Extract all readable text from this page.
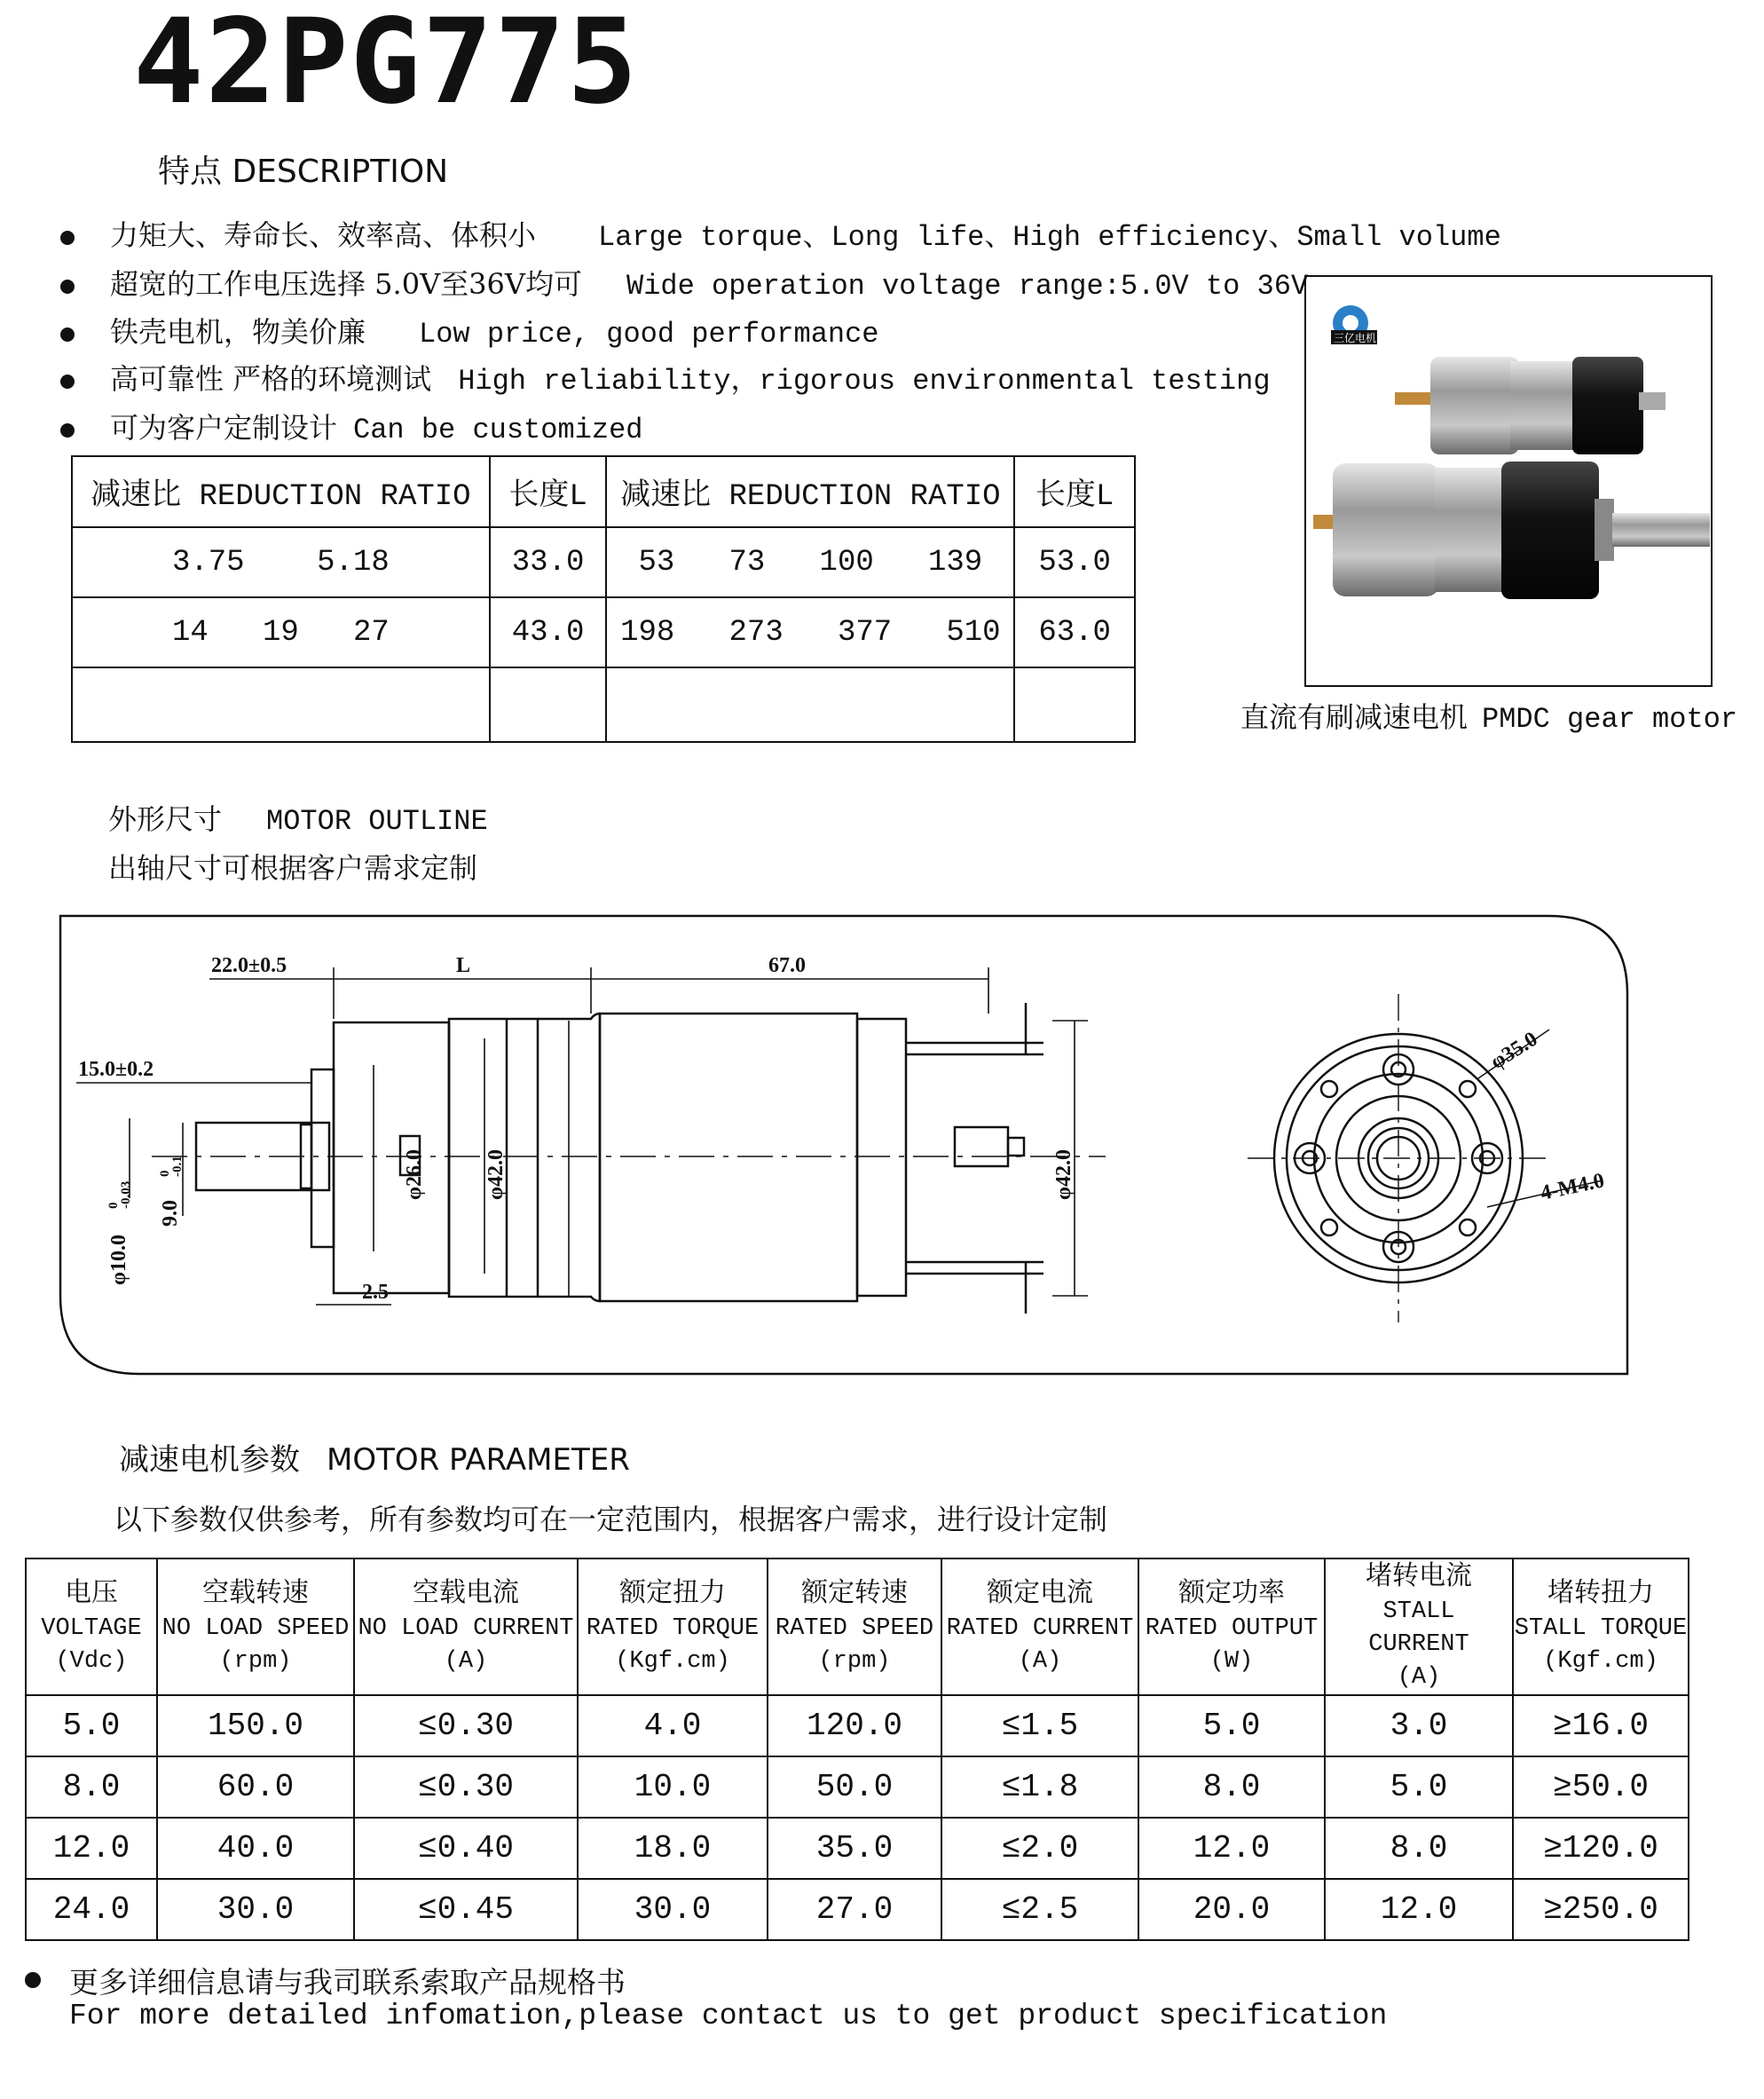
42PG775
特点 DESCRIPTION
力矩大、寿命长、效率高、体积小 Large torque、Long life、High efficiency、Small volume
超宽的工作电压选择 5.0V至36V均可 Wide operation voltage range:5.0V to 36V
铁壳电机，物美价廉 Low price, good performance
高可靠性 严格的环境测试 High reliability，rigorous environmental testing
可为客户定制设计 Can be customized
减速比 REDUCTION RATIO	长度L	减速比 REDUCTION RATIO	长度L
3.75    5.18	33.0	53   73   100   139	53.0
14   19   27	43.0	198   273   377   510	63.0

三亿电机
直流有刷减速电机 PMDC gear motor
外形尺寸 MOTOR OUTLINE
出轴尺寸可根据客户需求定制
22.0±0.5	L	67.0
15.0±0.2
φ26.0	φ42.0	φ42.0
2.5
φ10.0
0
-0.03
9.0
0
-0.1
φ35.0
4-M4.0
减速电机参数 MOTOR PARAMETER
以下参数仅供参考，所有参数均可在一定范围内，根据客户需求，进行设计定制
电压
VOLTAGE
(Vdc)	空载转速
NO LOAD SPEED
(rpm)	空载电流
NO LOAD CURRENT
(A)	额定扭力
RATED TORQUE
(Kgf.cm)	额定转速
RATED SPEED
(rpm)	额定电流
RATED CURRENT
(A)	额定功率
RATED OUTPUT
(W)	堵转电流
STALL CURRENT
(A)	堵转扭力
STALL TORQUE
(Kgf.cm)
5.0	150.0	≤0.30	4.0	120.0	≤1.5	5.0	3.0	≥16.0
8.0	60.0	≤0.30	10.0	50.0	≤1.8	8.0	5.0	≥50.0
12.0	40.0	≤0.40	18.0	35.0	≤2.0	12.0	8.0	≥120.0
24.0	30.0	≤0.45	30.0	27.0	≤2.5	20.0	12.0	≥250.0
更多详细信息请与我司联系索取产品规格书
For more detailed infomation,please contact us to get product specification
